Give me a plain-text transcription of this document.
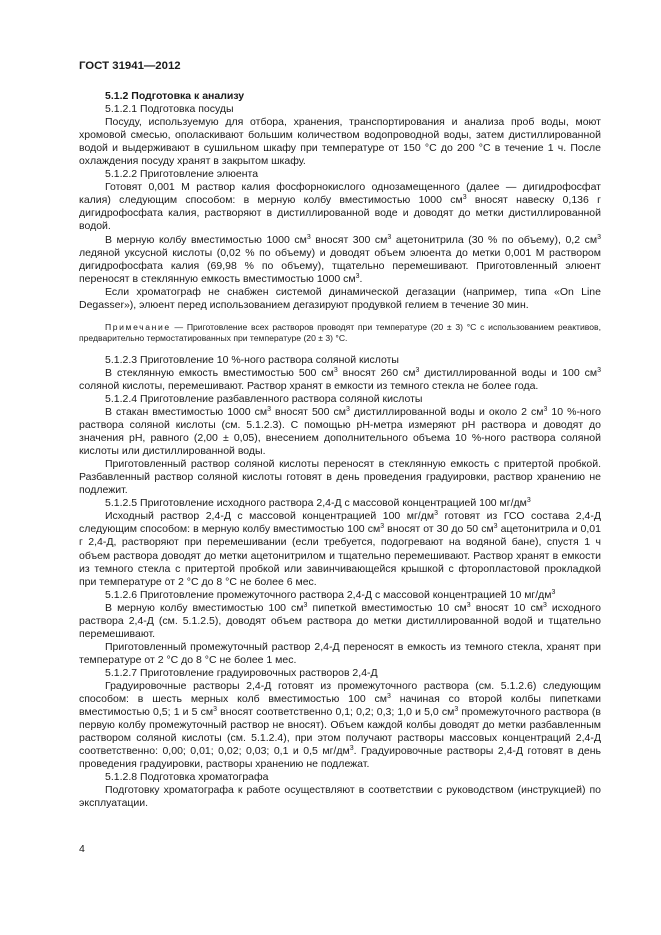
ГОСТ 31941—2012

5.1.2 Подготовка к анализу

5.1.2.1 Подготовка посуды

Посуду, используемую для отбора, хранения, транспортирования и анализа проб воды, моют хромовой смесью, ополаскивают большим количеством водопроводной воды, затем дистиллированной водой и выдерживают в сушильном шкафу при температуре от 150 °С до 200 °С в течение 1 ч. После охлаждения посуду хранят в закрытом шкафу.

5.1.2.2 Приготовление элюента

Готовят 0,001 М раствор калия фосфорнокислого однозамещенного (далее — дигидрофосфат калия) следующим способом: в мерную колбу вместимостью 1000 $см^3$ вносят навеску 0,136 г дигидрофосфата калия, растворяют в дистиллированной воде и доводят до метки дистиллированной водой.

В мерную колбу вместимостью 1000 $см^3$ вносят 300 $см^3$ ацетонитрила (30 % по объему), 0,2 $см^3$ ледяной уксусной кислоты (0,02 % по объему) и доводят объем элюента до метки 0,001 М раствором дигидрофосфата калия (69,98 % по объему), тщательно перемешивают. Приготовленный элюент переносят в стеклянную емкость вместимостью 1000 $см^3$.

Если хроматограф не снабжен системой динамической дегазации (например, типа «On Line Degasser»), элюент перед использованием дегазируют продувкой гелием в течение 30 мин.

Примечание — Приготовление всех растворов проводят при температуре (20 ± 3) °С с использованием реактивов, предварительно термостатированных при температуре (20 ± 3) °С.

5.1.2.3 Приготовление 10 %-ного раствора соляной кислоты

В стеклянную емкость вместимостью 500 $см^3$ вносят 260 $см^3$ дистиллированной воды и 100 $см^3$ соляной кислоты, перемешивают. Раствор хранят в емкости из темного стекла не более года.

5.1.2.4 Приготовление разбавленного раствора соляной кислоты

В стакан вместимостью 1000 $см^3$ вносят 500 $см^3$ дистиллированной воды и около 2 $см^3$ 10 %-ного раствора соляной кислоты (см. 5.1.2.3). С помощью pH-метра измеряют pH раствора и доводят до значения pH, равного (2,00 ± 0,05), внесением дополнительного объема 10 %-ного раствора соляной кислоты или дистиллированной воды.

Приготовленный раствор соляной кислоты переносят в стеклянную емкость с притертой пробкой. Разбавленный раствор соляной кислоты готовят в день проведения градуировки, раствор хранению не подлежит.

5.1.2.5 Приготовление исходного раствора 2,4-Д с массовой концентрацией 100 $мг/дм^3$

Исходный раствор 2,4-Д с массовой концентрацией 100 $мг/дм^3$ готовят из ГСО состава 2,4-Д следующим способом: в мерную колбу вместимостью 100 $см^3$ вносят от 30 до 50 $см^3$ ацетонитрила и 0,01 г 2,4-Д, растворяют при перемешивании (если требуется, подогревают на водяной бане), спустя 1 ч объем раствора доводят до метки ацетонитрилом и тщательно перемешивают. Раствор хранят в емкости из темного стекла с притертой пробкой или завинчивающейся крышкой с фторопластовой прокладкой при температуре от 2 °С до 8 °С не более 6 мес.

5.1.2.6 Приготовление промежуточного раствора 2,4-Д с массовой концентрацией 10 $мг/дм^3$

В мерную колбу вместимостью 100 $см^3$ пипеткой вместимостью 10 $см^3$ вносят 10 $см^3$ исходного раствора 2,4-Д (см. 5.1.2.5), доводят объем раствора до метки дистиллированной водой и тщательно перемешивают.

Приготовленный промежуточный раствор 2,4-Д переносят в емкость из темного стекла, хранят при температуре от 2 °С до 8 °С не более 1 мес.

5.1.2.7 Приготовление градуировочных растворов 2,4-Д

Градуировочные растворы 2,4-Д готовят из промежуточного раствора (см. 5.1.2.6) следующим способом: в шесть мерных колб вместимостью 100 $см^3$ начиная со второй колбы пипетками вместимостью 0,5; 1 и 5 $см^3$ вносят соответственно 0,1; 0,2; 0,3; 1,0 и 5,0 $см^3$ промежуточного раствора (в первую колбу промежуточный раствор не вносят). Объем каждой колбы доводят до метки разбавленным раствором соляной кислоты (см. 5.1.2.4), при этом получают растворы массовых концентраций 2,4-Д соответственно: 0,00; 0,01; 0,02; 0,03; 0,1 и 0,5 $мг/дм^3$. Градуировочные растворы 2,4-Д готовят в день проведения градуировки, растворы хранению не подлежат.

5.1.2.8 Подготовка хроматографа

Подготовку хроматографа к работе осуществляют в соответствии с руководством (инструкцией) по эксплуатации.

4
